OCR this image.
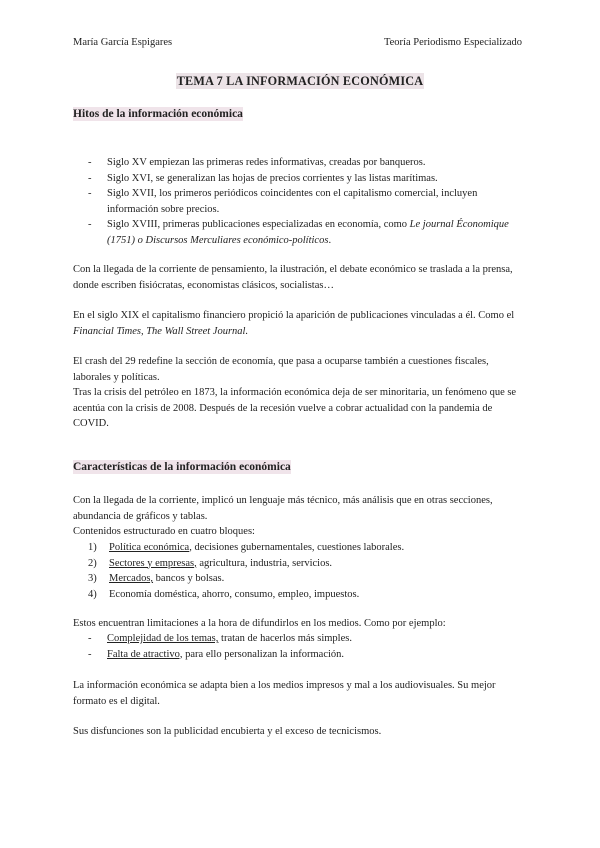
María García Espigares	Teoría Periodismo Especializado
TEMA 7 LA INFORMACIÓN ECONÓMICA
Hitos de la información económica
- Siglo XV empiezan las primeras redes informativas, creadas por banqueros.
- Siglo XVI, se generalizan las hojas de precios corrientes y las listas marítimas.
- Siglo XVII, los primeros periódicos coincidentes con el capitalismo comercial, incluyen información sobre precios.
- Siglo XVIII, primeras publicaciones especializadas en economía, como Le journal Économique (1751) o Discursos Merculiares económico-políticos.
Con la llegada de la corriente de pensamiento, la ilustración, el debate económico se traslada a la prensa, donde escriben fisiócratas, economistas clásicos, socialistas…
En el siglo XIX el capitalismo financiero propició la aparición de publicaciones vinculadas a él. Como el Financial Times, The Wall Street Journal.
El crash del 29 redefine la sección de economía, que pasa a ocuparse también a cuestiones fiscales, laborales y políticas.
Tras la crisis del petróleo en 1873, la información económica deja de ser minoritaria, un fenómeno que se acentúa con la crisis de 2008. Después de la recesión vuelve a cobrar actualidad con la pandemia de COVID.
Características de la información económica
Con la llegada de la corriente, implicó un lenguaje más técnico, más análisis que en otras secciones, abundancia de gráficos y tablas.
Contenidos estructurado en cuatro bloques:
1) Política económica, decisiones gubernamentales, cuestiones laborales.
2) Sectores y empresas, agricultura, industria, servicios.
3) Mercados, bancos y bolsas.
4) Economía doméstica, ahorro, consumo, empleo, impuestos.
Estos encuentran limitaciones a la hora de difundirlos en los medios. Como por ejemplo:
- Complejidad de los temas, tratan de hacerlos más simples.
- Falta de atractivo, para ello personalizan la información.
La información económica se adapta bien a los medios impresos y mal a los audiovisuales. Su mejor formato es el digital.
Sus disfunciones son la publicidad encubierta y el exceso de tecnicismos.
